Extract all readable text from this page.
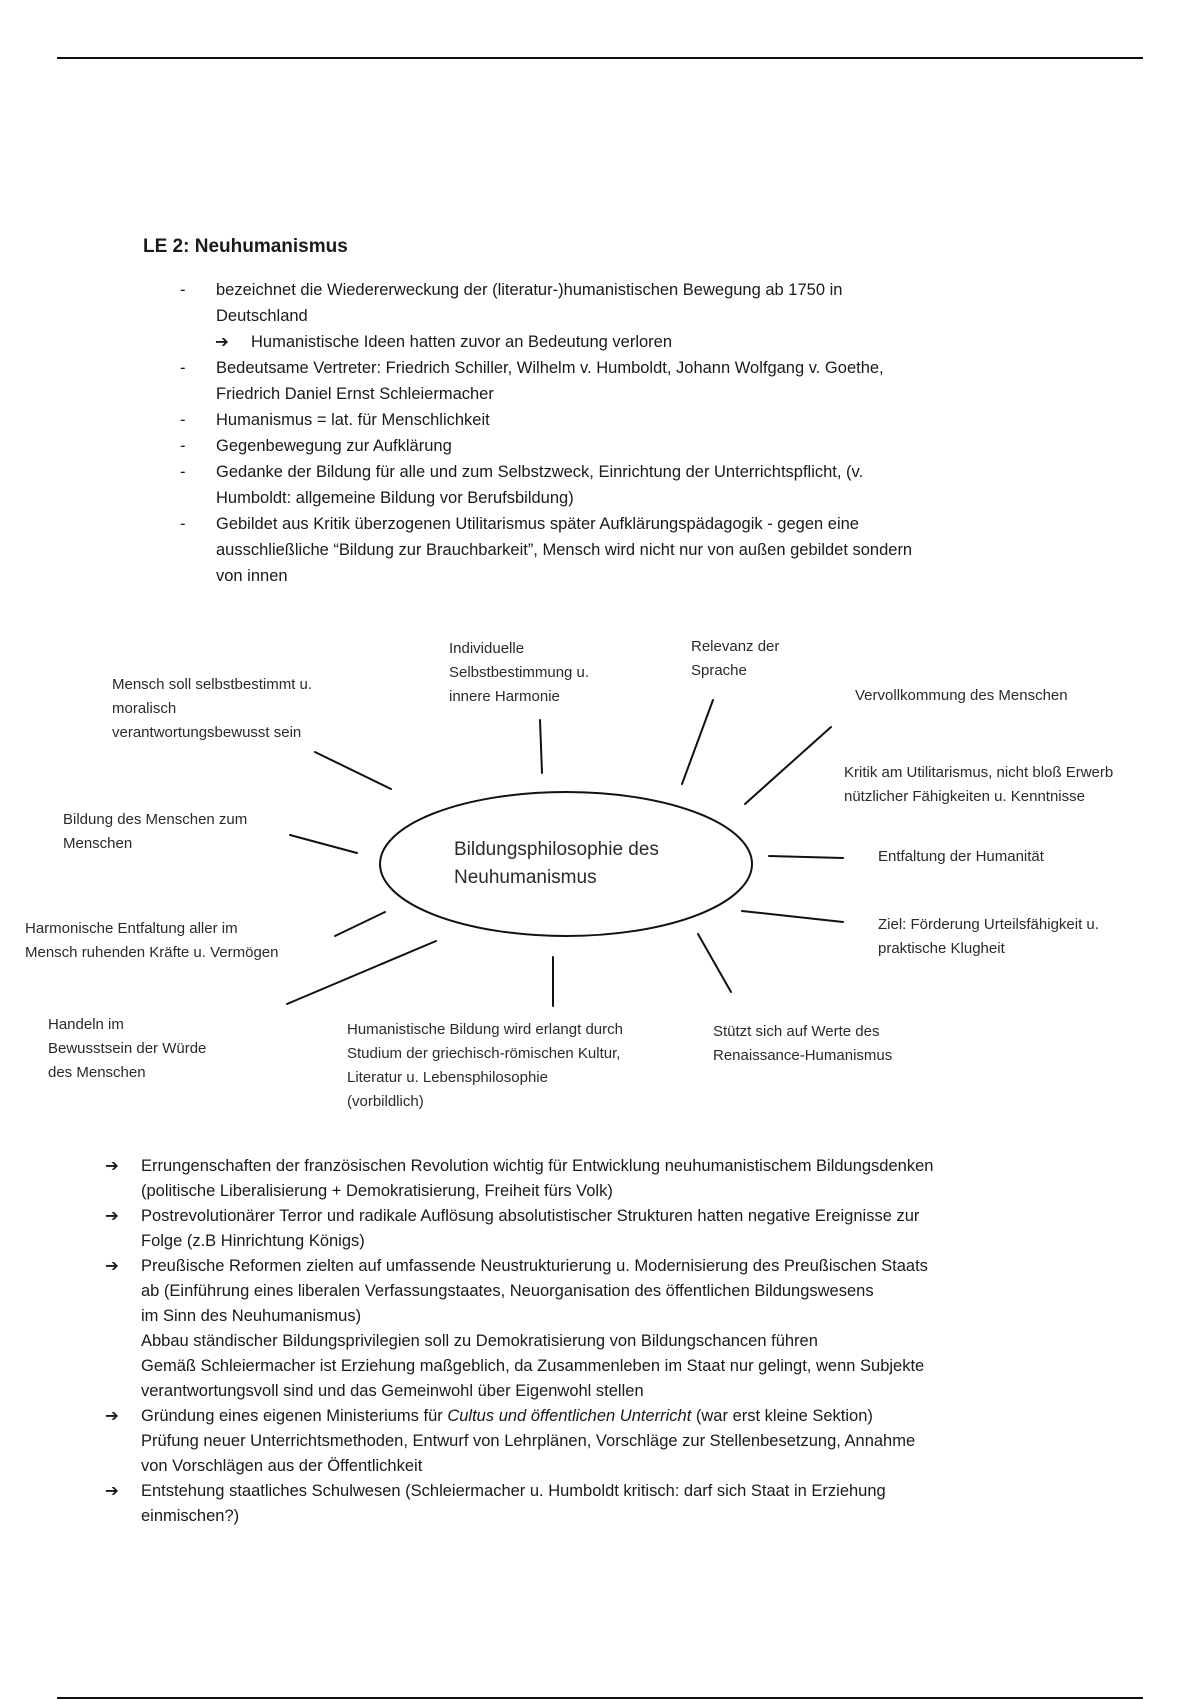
LE 2: Neuhumanismus
- bezeichnet die Wiedererweckung der (literatur-)humanistischen Bewegung ab 1750 in
Deutschland
➔ Humanistische Ideen hatten zuvor an Bedeutung verloren
- Bedeutsame Vertreter: Friedrich Schiller, Wilhelm v. Humboldt, Johann Wolfgang v. Goethe,
Friedrich Daniel Ernst Schleiermacher
- Humanismus = lat. für Menschlichkeit
- Gegenbewegung zur Aufklärung
- Gedanke der Bildung für alle und zum Selbstzweck, Einrichtung der Unterrichtspflicht, (v.
Humboldt: allgemeine Bildung vor Berufsbildung)
- Gebildet aus Kritik überzogenen Utilitarismus später Aufklärungspädagogik - gegen eine
ausschließliche “Bildung zur Brauchbarkeit”, Mensch wird nicht nur von außen gebildet sondern
von innen
Bildungsphilosophie des
Neuhumanismus
Individuelle
Selbstbestimmung u.
innere Harmonie
Relevanz der
Sprache
Mensch soll selbstbestimmt u.
moralisch
verantwortungsbewusst sein
Vervollkommung des Menschen
Kritik am Utilitarismus, nicht bloß Erwerb
nützlicher Fähigkeiten u. Kenntnisse
Bildung des Menschen zum
Menschen
Entfaltung der Humanität
Harmonische Entfaltung aller im
Mensch ruhenden Kräfte u. Vermögen
Ziel: Förderung Urteilsfähigkeit u.
praktische Klugheit
Handeln im
Bewusstsein der Würde
des Menschen
Humanistische Bildung wird erlangt durch
Studium der griechisch-römischen Kultur,
Literatur u. Lebensphilosophie
(vorbildlich)
Stützt sich auf Werte des
Renaissance-Humanismus
➔ Errungenschaften der französischen Revolution wichtig für Entwicklung neuhumanistischem Bildungsdenken
(politische Liberalisierung + Demokratisierung, Freiheit fürs Volk)
➔ Postrevolutionärer Terror und radikale Auflösung absolutistischer Strukturen hatten negative Ereignisse zur
Folge (z.B Hinrichtung Königs)
➔ Preußische Reformen zielten auf umfassende Neustrukturierung u. Modernisierung des Preußischen Staats
ab (Einführung eines liberalen Verfassungstaates, Neuorganisation des öffentlichen Bildungswesens
im Sinn des Neuhumanismus)
Abbau ständischer Bildungsprivilegien soll zu Demokratisierung von Bildungschancen führen
Gemäß Schleiermacher ist Erziehung maßgeblich, da Zusammenleben im Staat nur gelingt, wenn Subjekte
verantwortungsvoll sind und das Gemeinwohl über Eigenwohl stellen
➔ Gründung eines eigenen Ministeriums für Cultus und öffentlichen Unterricht (war erst kleine Sektion)
Prüfung neuer Unterrichtsmethoden, Entwurf von Lehrplänen, Vorschläge zur Stellenbesetzung, Annahme
von Vorschlägen aus der Öffentlichkeit
➔ Entstehung staatliches Schulwesen (Schleiermacher u. Humboldt kritisch: darf sich Staat in Erziehung
einmischen?)
